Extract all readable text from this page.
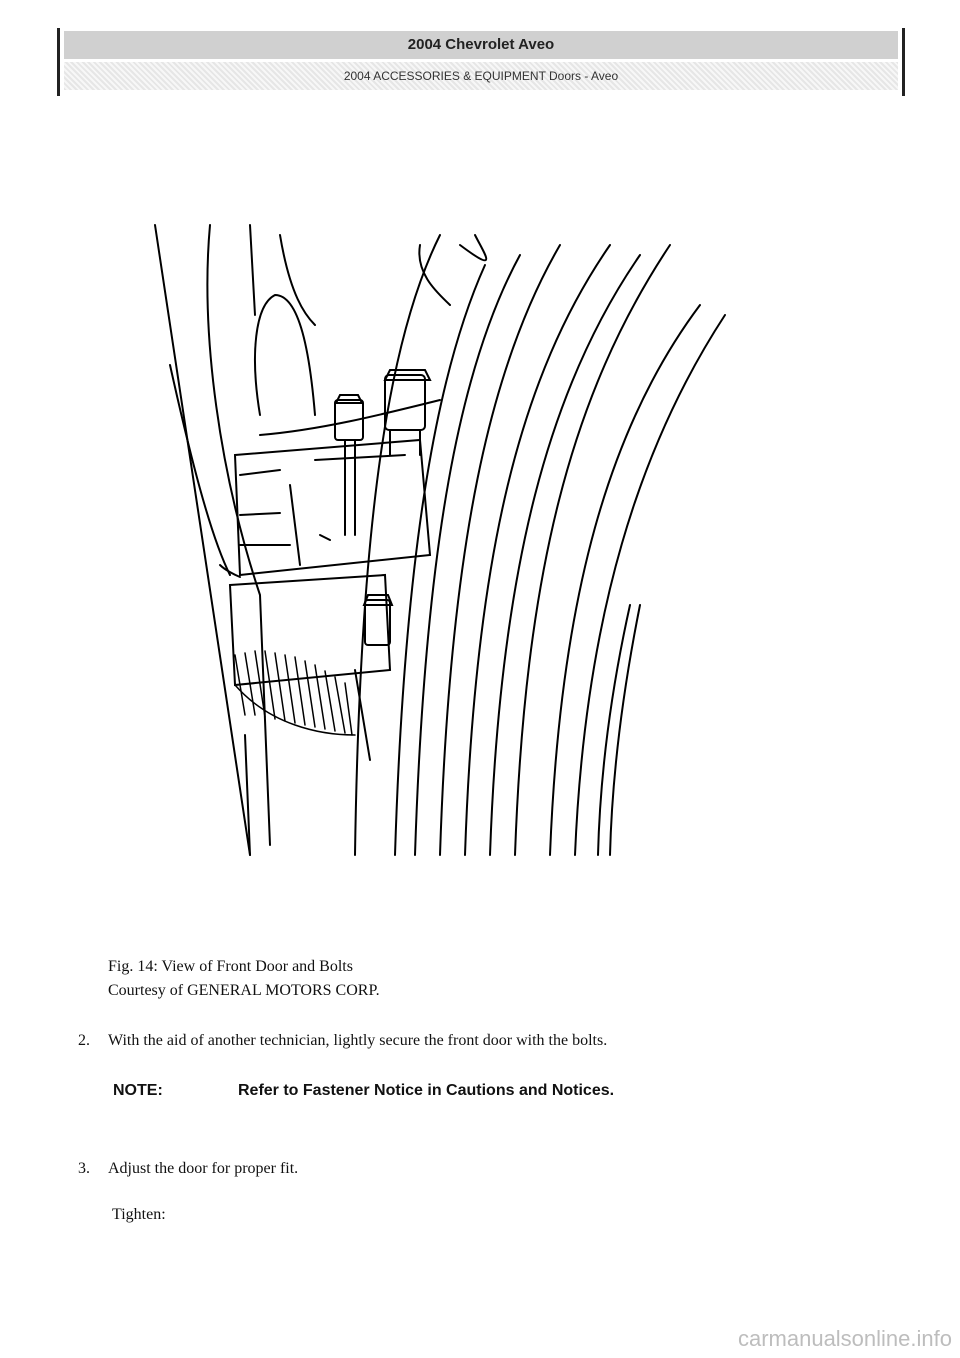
2004 Chevrolet Aveo
2004 ACCESSORIES & EQUIPMENT Doors - Aveo
Fig. 14: View of Front Door and Bolts
Courtesy of GENERAL MOTORS CORP.
2. With the aid of another technician, lightly secure the front door with the bolts.
NOTE:	Refer to Fastener Notice in Cautions and Notices.
3. Adjust the door for proper fit.
Tighten:
carmanualsonline.info
